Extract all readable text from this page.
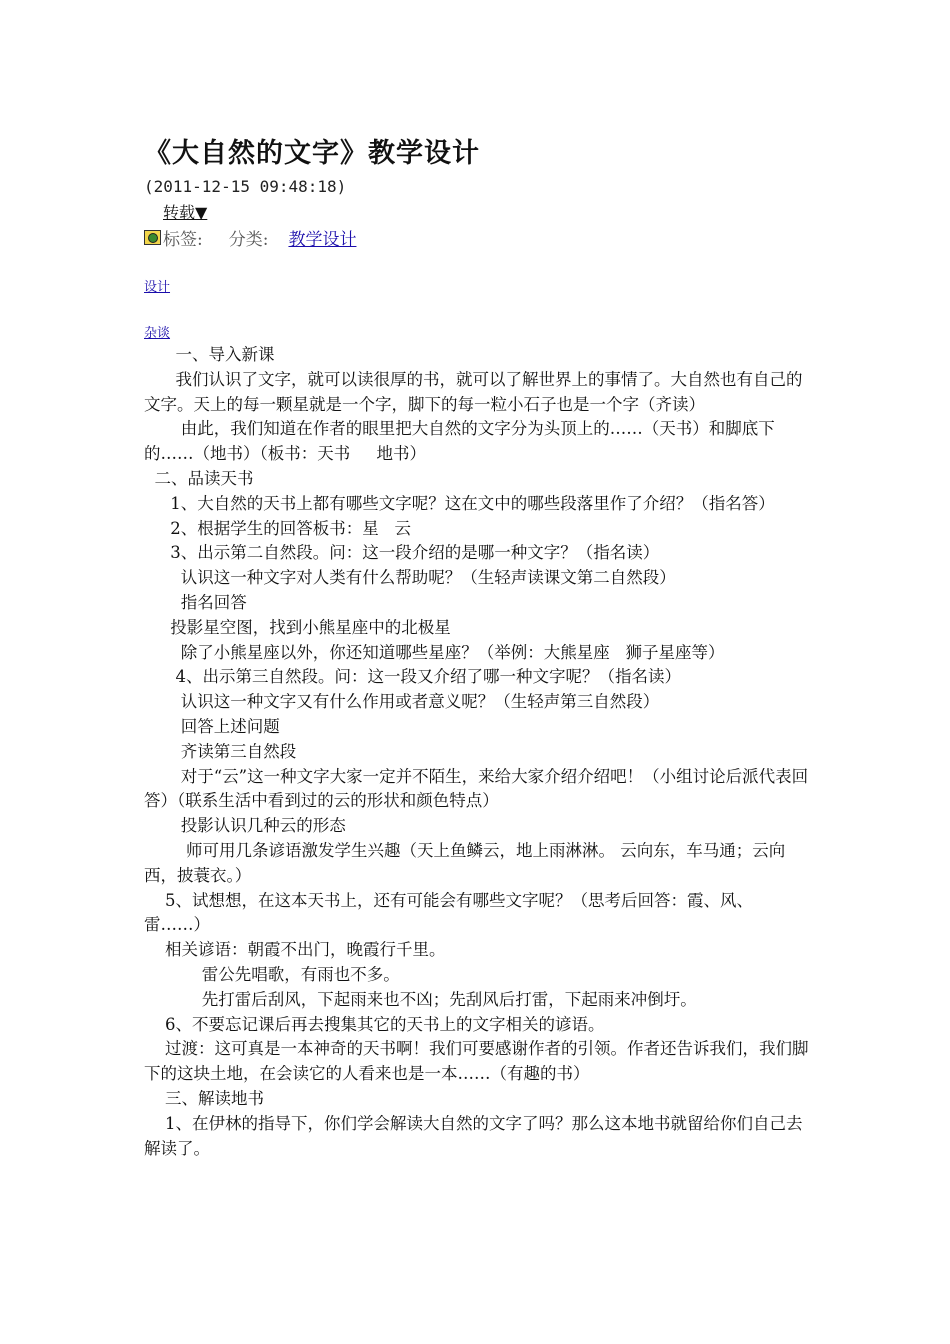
《大自然的文字》教学设计
(2011-12-15 09:48:18)
转载▼
标签: 分类: 教学设计
设计
杂谈

一、导入新课

我们认识了文字，就可以读很厚的书，就可以了解世界上的事情了。大自然也有自己的文字。天上的每一颗星就是一个字，脚下的每一粒小石子也是一个字（齐读）

由此，我们知道在作者的眼里把大自然的文字分为头顶上的……（天书）和脚底下的……（地书）（板书：天书     地书）

二、品读天书

1、大自然的天书上都有哪些文字呢？这在文中的哪些段落里作了介绍？（指名答）

2、根据学生的回答板书：星   云

3、出示第二自然段。问：这一段介绍的是哪一种文字？（指名读）

认识这一种文字对人类有什么帮助呢？（生轻声读课文第二自然段）

指名回答

投影星空图，找到小熊星座中的北极星

除了小熊星座以外，你还知道哪些星座？（举例：大熊星座   狮子星座等）

4、出示第三自然段。问：这一段又介绍了哪一种文字呢？（指名读）

认识这一种文字又有什么作用或者意义呢？（生轻声第三自然段）

回答上述问题

齐读第三自然段

对于“云”这一种文字大家一定并不陌生，来给大家介绍介绍吧！（小组讨论后派代表回答）（联系生活中看到过的云的形状和颜色特点）

投影认识几种云的形态

师可用几条谚语激发学生兴趣（天上鱼鳞云，地上雨淋淋。 云向东，车马通；云向西，披蓑衣。）

5、试想想，在这本天书上，还有可能会有哪些文字呢？（思考后回答：霞、风、雷……）

相关谚语：朝霞不出门，晚霞行千里。

雷公先唱歌，有雨也不多。

先打雷后刮风，下起雨来也不凶；先刮风后打雷，下起雨来冲倒圩。

6、不要忘记课后再去搜集其它的天书上的文字相关的谚语。

过渡：这可真是一本神奇的天书啊！我们可要感谢作者的引领。作者还告诉我们，我们脚下的这块土地，在会读它的人看来也是一本……（有趣的书）

三、解读地书

1、在伊林的指导下，你们学会解读大自然的文字了吗？那么这本地书就留给你们自己去解读了。
